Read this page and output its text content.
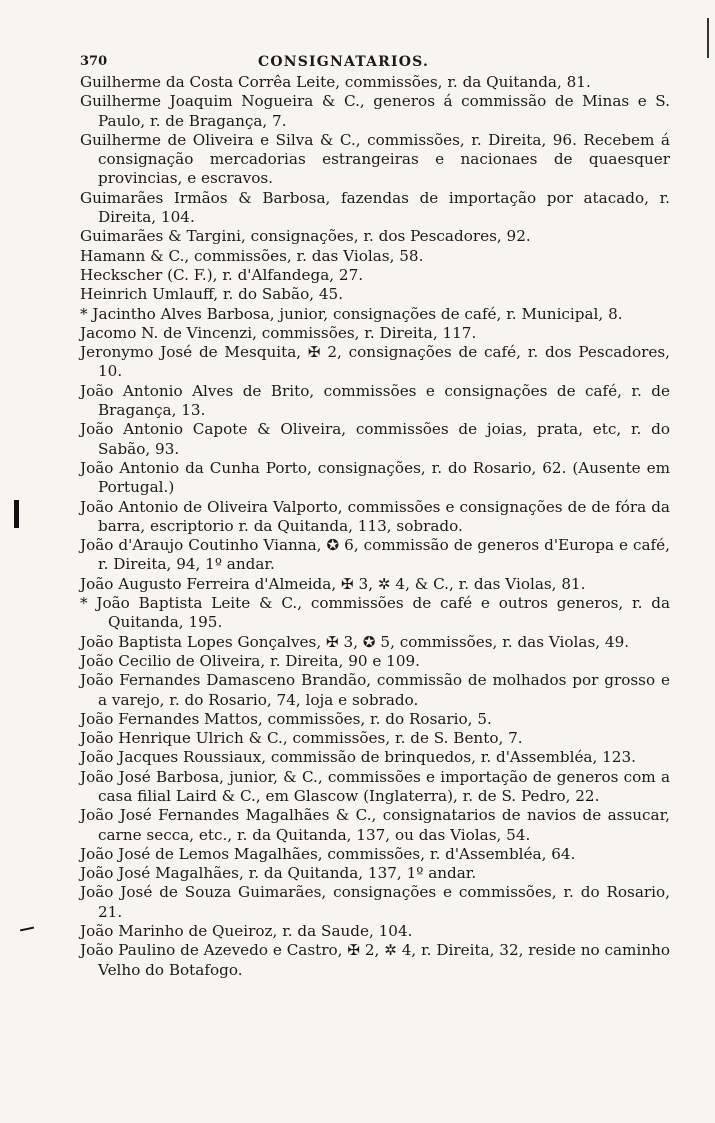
370	CONSIGNATARIOS.
Guilherme da Costa Corrêa Leite, commissões, r. da Quitanda, 81.
Guilherme Joaquim Nogueira & C., generos á commissão de Minas e S. Paulo, r. de Bragança, 7.
Guilherme de Oliveira e Silva & C., commissões, r. Direita, 96. Recebem á consignação mercadorias estrangeiras e nacionaes de quaesquer provincias, e escravos.
Guimarães Irmãos & Barbosa, fazendas de importação por atacado, r. Direita, 104.
Guimarães & Targini, consignações, r. dos Pescadores, 92.
Hamann & C., commissões, r. das Violas, 58.
Heckscher (C. F.), r. d'Alfandega, 27.
Heinrich Umlauff, r. do Sabão, 45.
* Jacintho Alves Barbosa, junior, consignações de café, r. Municipal, 8.
Jacomo N. de Vincenzi, commissões, r. Direita, 117.
Jeronymo José de Mesquita, ✠ 2, consignações de café, r. dos Pescadores, 10.
João Antonio Alves de Brito, commissões e consignações de café, r. de Bragança, 13.
João Antonio Capote & Oliveira, commissões de joias, prata, etc, r. do Sabão, 93.
João Antonio da Cunha Porto, consignações, r. do Rosario, 62. (Ausente em Portugal.)
João Antonio de Oliveira Valporto, commissões e consignações de de fóra da barra, escriptorio r. da Quitanda, 113, sobrado.
João d'Araujo Coutinho Vianna, ✪ 6, commissão de generos d'Europa e café, r. Direita, 94, 1º andar.
João Augusto Ferreira d'Almeida, ✠ 3, ✲ 4, & C., r. das Violas, 81.
* João Baptista Leite & C., commissões de café e outros generos, r. da Quitanda, 195.
João Baptista Lopes Gonçalves, ✠ 3, ✪ 5, commissões, r. das Violas, 49.
João Cecilio de Oliveira, r. Direita, 90 e 109.
João Fernandes Damasceno Brandão, commissão de molhados por grosso e a varejo, r. do Rosario, 74, loja e sobrado.
João Fernandes Mattos, commissões, r. do Rosario, 5.
João Henrique Ulrich & C., commissões, r. de S. Bento, 7.
João Jacques Roussiaux, commissão de brinquedos, r. d'Assembléa, 123.
João José Barbosa, junior, & C., commissões e importação de generos com a casa filial Laird & C., em Glascow (Inglaterra), r. de S. Pedro, 22.
João José Fernandes Magalhães & C., consignatarios de navios de assucar, carne secca, etc., r. da Quitanda, 137, ou das Violas, 54.
João José de Lemos Magalhães, commissões, r. d'Assembléa, 64.
João José Magalhães, r. da Quitanda, 137, 1º andar.
João José de Souza Guimarães, consignações e commissões, r. do Rosario, 21.
João Marinho de Queiroz, r. da Saude, 104.
João Paulino de Azevedo e Castro, ✠ 2, ✲ 4, r. Direita, 32, reside no caminho Velho do Botafogo.
